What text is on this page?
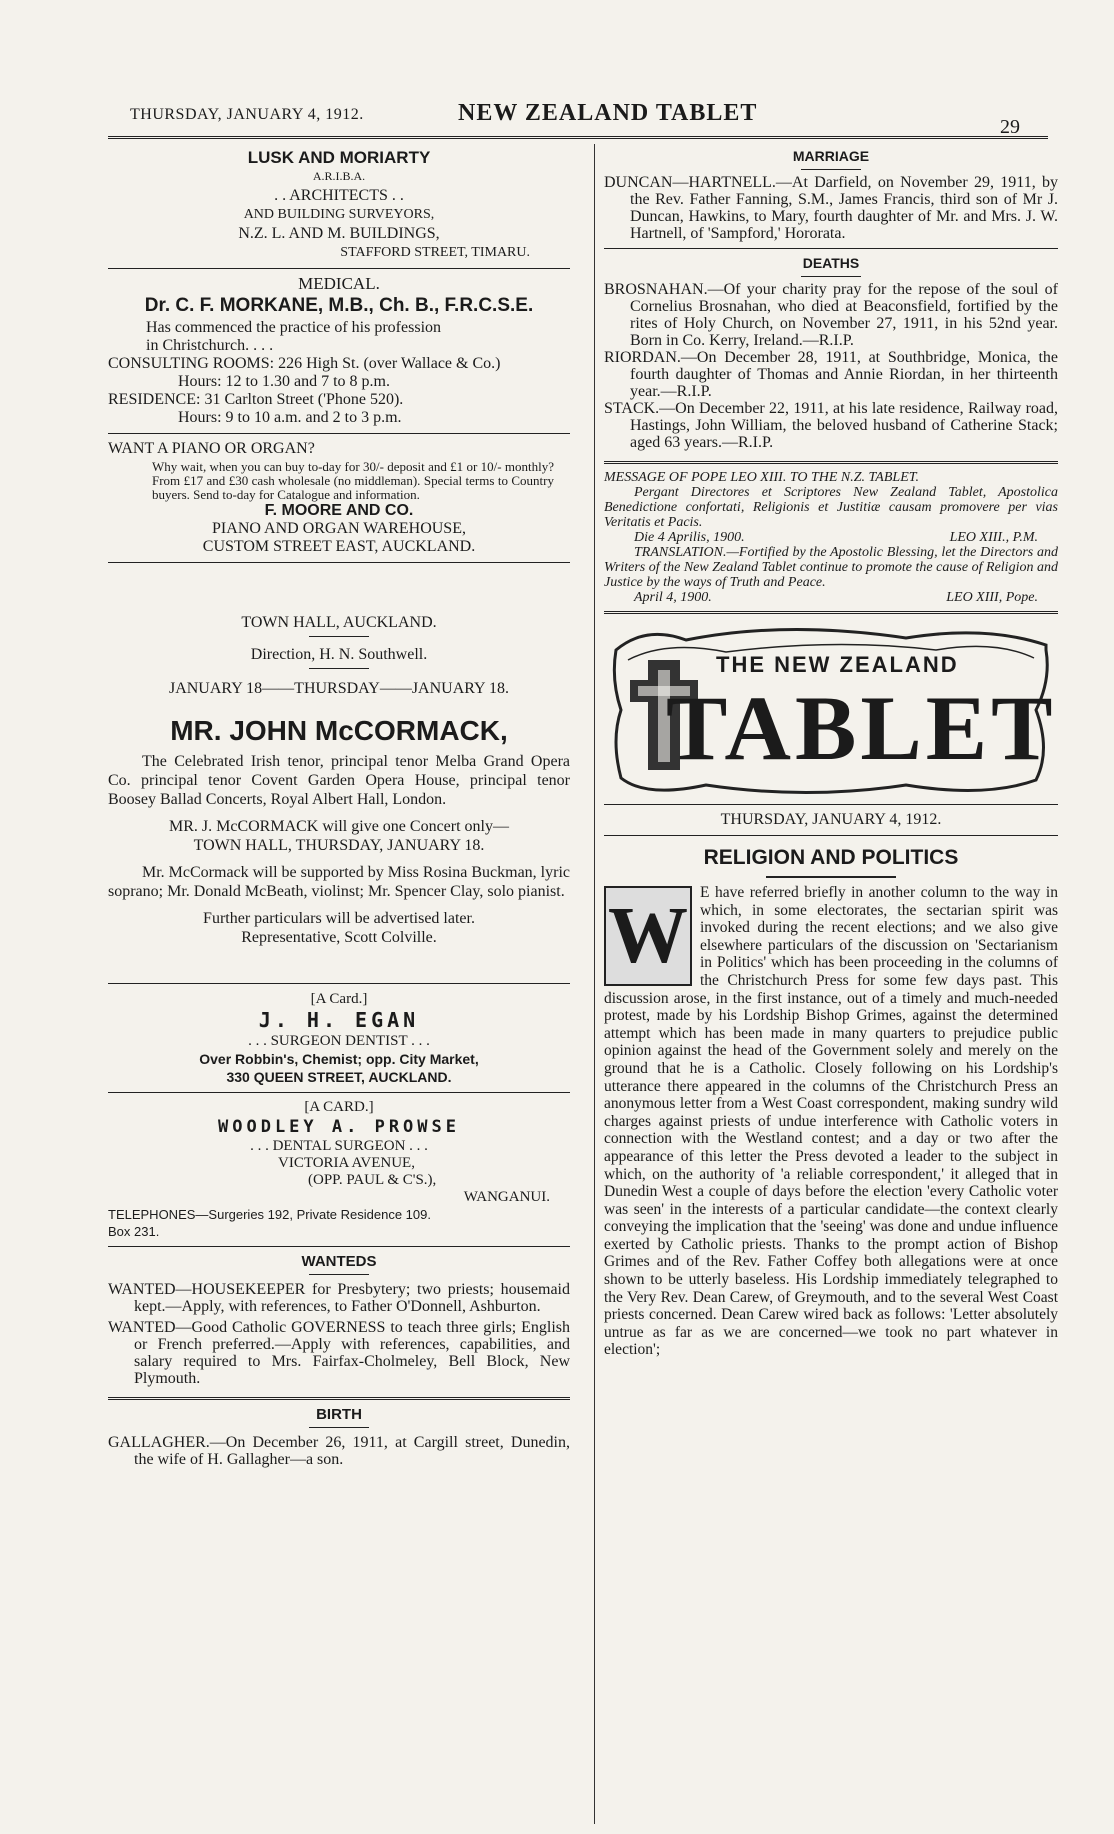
THURSDAY, JANUARY 4, 1912.	NEW ZEALAND TABLET
29
LUSK AND MORIARTY
A.R.I.B.A.
. . ARCHITECTS . .
AND BUILDING SURVEYORS,
N.Z. L. AND M. BUILDINGS,
STAFFORD STREET, TIMARU.
MEDICAL.
Dr. C. F. MORKANE, M.B., Ch. B., F.R.C.S.E.
Has commenced the practice of his profession
in Christchurch. . . .
CONSULTING ROOMS: 226 High St. (over Wallace & Co.)
Hours: 12 to 1.30 and 7 to 8 p.m.
RESIDENCE: 31 Carlton Street ('Phone 520).
Hours: 9 to 10 a.m. and 2 to 3 p.m.
WANT A PIANO OR ORGAN?
Why wait, when you can buy to-day for 30/- deposit and £1 or 10/- monthly? From £17 and £30 cash wholesale (no middleman). Special terms to Country buyers. Send to-day for Catalogue and information.
F. MOORE AND CO.
PIANO AND ORGAN WAREHOUSE,
CUSTOM STREET EAST, AUCKLAND.
TOWN HALL, AUCKLAND.
Direction, H. N. Southwell.
JANUARY 18——THURSDAY——JANUARY 18.
MR. JOHN McCORMACK,
The Celebrated Irish tenor, principal tenor Melba Grand Opera Co. principal tenor Covent Garden Opera House, principal tenor Boosey Ballad Concerts, Royal Albert Hall, London.
MR. J. McCORMACK will give one Concert only—
TOWN HALL, THURSDAY, JANUARY 18.
Mr. McCormack will be supported by Miss Rosina Buckman, lyric soprano; Mr. Donald McBeath, violinst; Mr. Spencer Clay, solo pianist.
Further particulars will be advertised later.
Representative, Scott Colville.
[A Card.]
J. H. EGAN
. . . SURGEON DENTIST . . .
Over Robbin's, Chemist; opp. City Market,
330 QUEEN STREET, AUCKLAND.
[A CARD.]
WOODLEY A. PROWSE
. . . DENTAL SURGEON . . .
VICTORIA AVENUE,
(OPP. PAUL & C'S.),
WANGANUI.
TELEPHONES—Surgeries 192, Private Residence 109.
Box 231.
WANTEDS

WANTED—HOUSEKEEPER for Presbytery; two priests; housemaid kept.—Apply, with references, to Father O'Donnell, Ashburton.

WANTED—Good Catholic GOVERNESS to teach three girls; English or French preferred.—Apply with references, capabilities, and salary required to Mrs. Fairfax-Cholmeley, Bell Block, New Plymouth.

BIRTH

GALLAGHER.—On December 26, 1911, at Cargill street, Dunedin, the wife of H. Gallagher—a son.

MARRIAGE

DUNCAN—HARTNELL.—At Darfield, on November 29, 1911, by the Rev. Father Fanning, S.M., James Francis, third son of Mr J. Duncan, Hawkins, to Mary, fourth daughter of Mr. and Mrs. J. W. Hartnell, of 'Sampford,' Hororata.

DEATHS

BROSNAHAN.—Of your charity pray for the repose of the soul of Cornelius Brosnahan, who died at Beaconsfield, fortified by the rites of Holy Church, on November 27, 1911, in his 52nd year. Born in Co. Kerry, Ireland.—R.I.P.

RIORDAN.—On December 28, 1911, at Southbridge, Monica, the fourth daughter of Thomas and Annie Riordan, in her thirteenth year.—R.I.P.

STACK.—On December 22, 1911, at his late residence, Railway road, Hastings, John William, the beloved husband of Catherine Stack; aged 63 years.—R.I.P.

MESSAGE OF POPE LEO XIII. TO THE N.Z. TABLET.
Pergant Directores et Scriptores New Zealand Tablet, Apostolica Benedictione confortati, Religionis et Justitiæ causam promovere per vias Veritatis et Pacis.
Die 4 Aprilis, 1900.	LEO XIII., P.M.
TRANSLATION.—Fortified by the Apostolic Blessing, let the Directors and Writers of the New Zealand Tablet continue to promote the cause of Religion and Justice by the ways of Truth and Peace.
April 4, 1900.	LEO XIII, Pope.
THE NEW ZEALAND
TABLET
THURSDAY, JANUARY 4, 1912.
RELIGION AND POLITICS
W E have referred briefly in another column to the way in which, in some electorates, the sectarian spirit was invoked during the recent elections; and we also give elsewhere particulars of the discussion on 'Sectarianism in Politics' which has been proceeding in the columns of the Christchurch Press for some few days past. This discussion arose, in the first instance, out of a timely and much-needed protest, made by his Lordship Bishop Grimes, against the determined attempt which has been made in many quarters to prejudice public opinion against the head of the Government solely and merely on the ground that he is a Catholic. Closely following on his Lordship's utterance there appeared in the columns of the Christchurch Press an anonymous letter from a West Coast correspondent, making sundry wild charges against priests of undue interference with Catholic voters in connection with the Westland contest; and a day or two after the appearance of this letter the Press devoted a leader to the subject in which, on the authority of 'a reliable correspondent,' it alleged that in Dunedin West a couple of days before the election 'every Catholic voter was seen' in the interests of a particular candidate—the context clearly conveying the implication that the 'seeing' was done and undue influence exerted by Catholic priests. Thanks to the prompt action of Bishop Grimes and of the Rev. Father Coffey both allegations were at once shown to be utterly baseless. His Lordship immediately telegraphed to the Very Rev. Dean Carew, of Greymouth, and to the several West Coast priests concerned. Dean Carew wired back as follows: 'Letter absolutely untrue as far as we are concerned—we took no part whatever in election';
